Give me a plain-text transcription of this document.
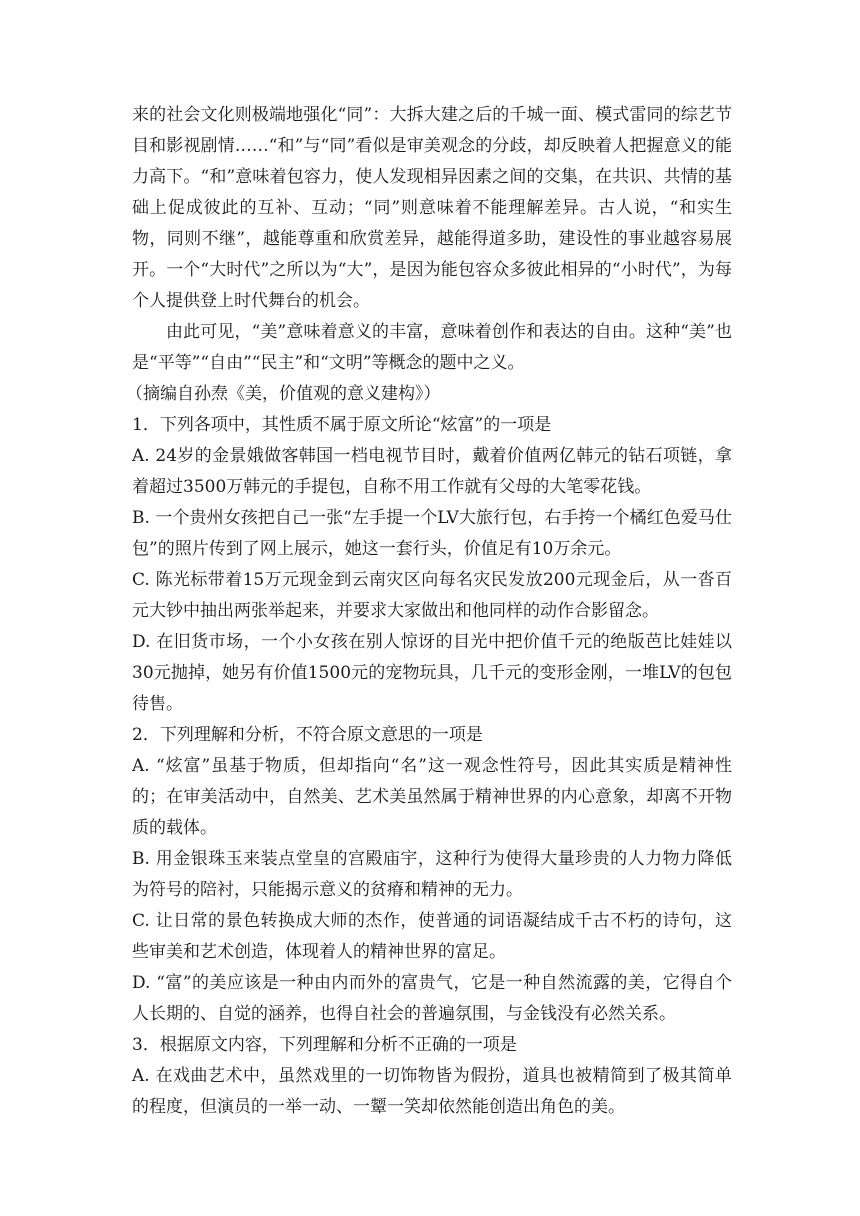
来的社会文化则极端地强化“同”：大拆大建之后的千城一面、模式雷同的综艺节目和影视剧情……“和”与“同”看似是审美观念的分歧，却反映着人把握意义的能力高下。“和”意味着包容力，使人发现相异因素之间的交集，在共识、共情的基础上促成彼此的互补、互动；“同”则意味着不能理解差异。古人说，“和实生物，同则不继”，越能尊重和欣赏差异，越能得道多助，建设性的事业越容易展开。一个“大时代”之所以为“大”，是因为能包容众多彼此相异的“小时代”，为每个人提供登上时代舞台的机会。

由此可见，“美”意味着意义的丰富，意味着创作和表达的自由。这种“美”也是“平等”“自由”“民主”和“文明”等概念的题中之义。

（摘编自孙焘《美，价值观的意义建构》）

1．下列各项中，其性质不属于原文所论“炫富”的一项是

A. 24岁的金景娥做客韩国一档电视节目时，戴着价值两亿韩元的钻石项链，拿着超过3500万韩元的手提包，自称不用工作就有父母的大笔零花钱。

B. 一个贵州女孩把自己一张“左手提一个LV大旅行包，右手挎一个橘红色爱马仕包”的照片传到了网上展示，她这一套行头，价值足有10万余元。

C. 陈光标带着15万元现金到云南灾区向每名灾民发放200元现金后，从一沓百元大钞中抽出两张举起来，并要求大家做出和他同样的动作合影留念。

D. 在旧货市场，一个小女孩在别人惊讶的目光中把价值千元的绝版芭比娃娃以30元抛掉，她另有价值1500元的宠物玩具，几千元的变形金刚，一堆LV的包包待售。

2．下列理解和分析，不符合原文意思的一项是

A. “炫富”虽基于物质，但却指向“名”这一观念性符号，因此其实质是精神性的；在审美活动中，自然美、艺术美虽然属于精神世界的内心意象，却离不开物质的载体。

B. 用金银珠玉来装点堂皇的宫殿庙宇，这种行为使得大量珍贵的人力物力降低为符号的陪衬，只能揭示意义的贫瘠和精神的无力。

C. 让日常的景色转换成大师的杰作，使普通的词语凝结成千古不朽的诗句，这些审美和艺术创造，体现着人的精神世界的富足。

D. “富”的美应该是一种由内而外的富贵气，它是一种自然流露的美，它得自个人长期的、自觉的涵养，也得自社会的普遍氛围，与金钱没有必然关系。

3．根据原文内容，下列理解和分析不正确的一项是

A. 在戏曲艺术中，虽然戏里的一切饰物皆为假扮，道具也被精简到了极其简单的程度，但演员的一举一动、一颦一笑却依然能创造出角色的美。
